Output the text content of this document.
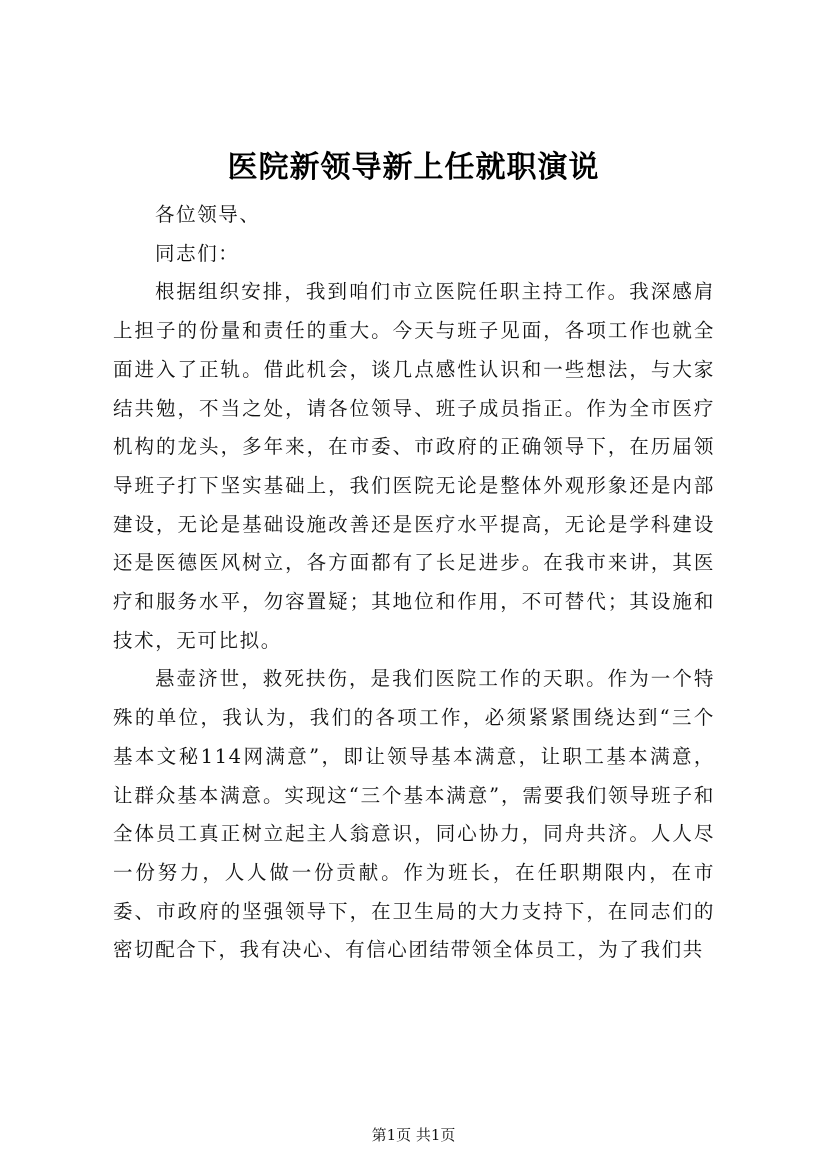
医院新领导新上任就职演说

各位领导、

同志们：

根据组织安排，我到咱们市立医院任职主持工作。我深感肩上担子的份量和责任的重大。今天与班子见面，各项工作也就全面进入了正轨。借此机会，谈几点感性认识和一些想法，与大家结共勉，不当之处，请各位领导、班子成员指正。作为全市医疗机构的龙头，多年来，在市委、市政府的正确领导下，在历届领导班子打下坚实基础上，我们医院无论是整体外观形象还是内部建设，无论是基础设施改善还是医疗水平提高，无论是学科建设还是医德医风树立，各方面都有了长足进步。在我市来讲，其医疗和服务水平，勿容置疑；其地位和作用，不可替代；其设施和技术，无可比拟。

悬壶济世，救死扶伤，是我们医院工作的天职。作为一个特殊的单位，我认为，我们的各项工作，必须紧紧围绕达到“三个基本文秘114网满意”，即让领导基本满意，让职工基本满意，让群众基本满意。实现这“三个基本满意”，需要我们领导班子和全体员工真正树立起主人翁意识，同心协力，同舟共济。人人尽一份努力，人人做一份贡献。作为班长，在任职期限内，在市委、市政府的坚强领导下，在卫生局的大力支持下，在同志们的密切配合下，我有决心、有信心团结带领全体员工，为了我们共

第1页 共1页
